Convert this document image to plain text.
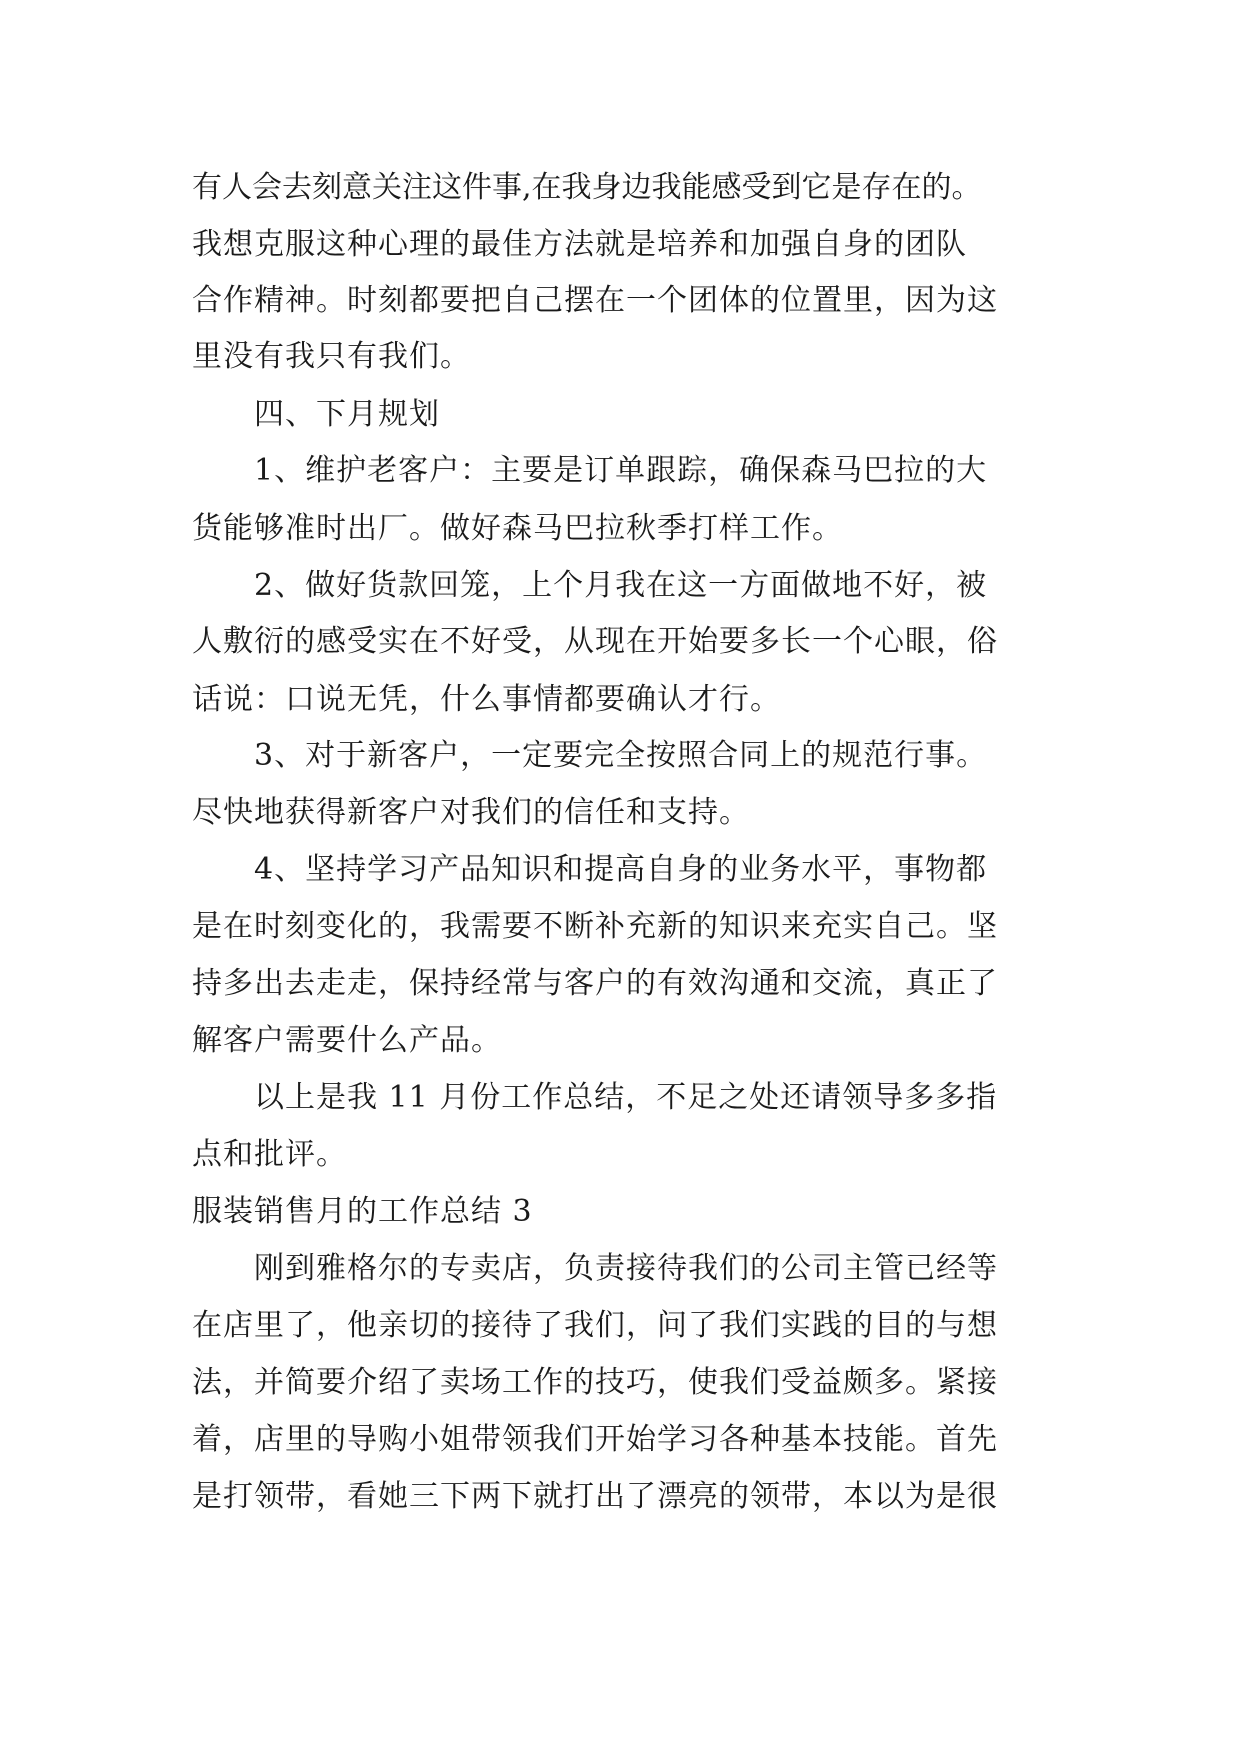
有人会去刻意关注这件事,在我身边我能感受到它是存在的。
我想克服这种心理的最佳方法就是培养和加强自身的团队
合作精神。时刻都要把自己摆在一个团体的位置里，因为这
里没有我只有我们。
四、下月规划
1、维护老客户：主要是订单跟踪，确保森马巴拉的大
货能够准时出厂。做好森马巴拉秋季打样工作。
2、做好货款回笼，上个月我在这一方面做地不好，被
人敷衍的感受实在不好受，从现在开始要多长一个心眼，俗
话说：口说无凭，什么事情都要确认才行。
3、对于新客户，一定要完全按照合同上的规范行事。
尽快地获得新客户对我们的信任和支持。
4、坚持学习产品知识和提高自身的业务水平，事物都
是在时刻变化的，我需要不断补充新的知识来充实自己。坚
持多出去走走，保持经常与客户的有效沟通和交流，真正了
解客户需要什么产品。
以上是我 11 月份工作总结，不足之处还请领导多多指
点和批评。
服装销售月的工作总结 3
刚到雅格尔的专卖店，负责接待我们的公司主管已经等
在店里了，他亲切的接待了我们，问了我们实践的目的与想
法，并简要介绍了卖场工作的技巧，使我们受益颇多。紧接
着，店里的导购小姐带领我们开始学习各种基本技能。首先
是打领带，看她三下两下就打出了漂亮的领带，本以为是很
